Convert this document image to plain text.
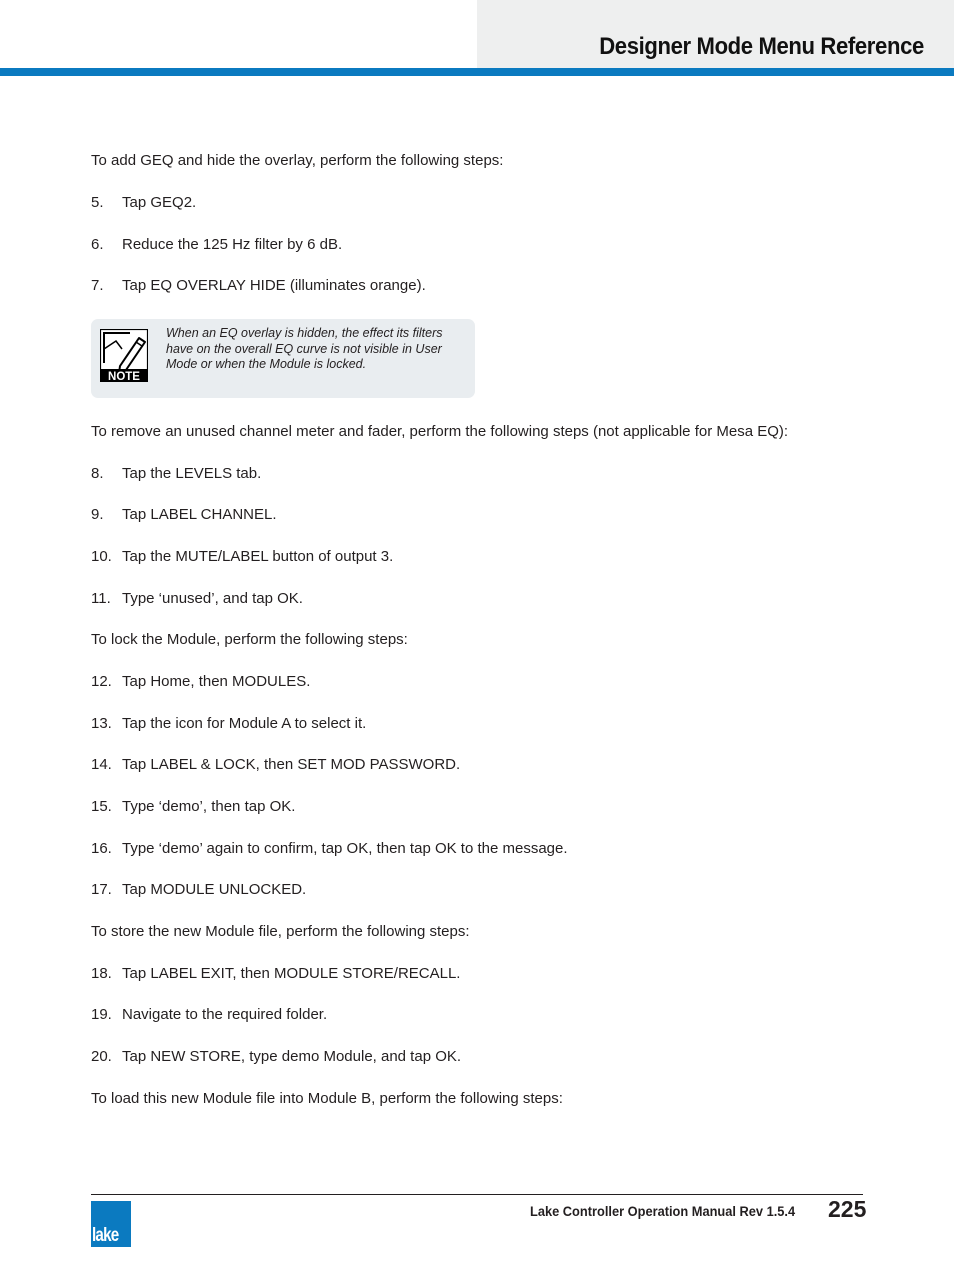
Designer Mode Menu Reference
To add GEQ and hide the overlay, perform the following steps:
5. Tap GEQ2.
6. Reduce the 125 Hz filter by 6 dB.
7. Tap EQ OVERLAY HIDE (illuminates orange).
NOTE
When an EQ overlay is hidden, the effect its filters have on the overall EQ curve is not visible in User Mode or when the Module is locked.
To remove an unused channel meter and fader, perform the following steps (not applicable for Mesa EQ):
8. Tap the LEVELS tab.
9. Tap LABEL CHANNEL.
10. Tap the MUTE/LABEL button of output 3.
11. Type ‘unused’, and tap OK.
To lock the Module, perform the following steps:
12. Tap Home, then MODULES.
13. Tap the icon for Module A to select it.
14. Tap LABEL & LOCK, then SET MOD PASSWORD.
15. Type ‘demo’, then tap OK.
16. Type ‘demo’ again to confirm, tap OK, then tap OK to the message.
17. Tap MODULE UNLOCKED.
To store the new Module file, perform the following steps:
18. Tap LABEL EXIT, then MODULE STORE/RECALL.
19. Navigate to the required folder.
20. Tap NEW STORE, type demo Module, and tap OK.
To load this new Module file into Module B, perform the following steps:
lake
Lake Controller Operation Manual Rev 1.5.4 225
